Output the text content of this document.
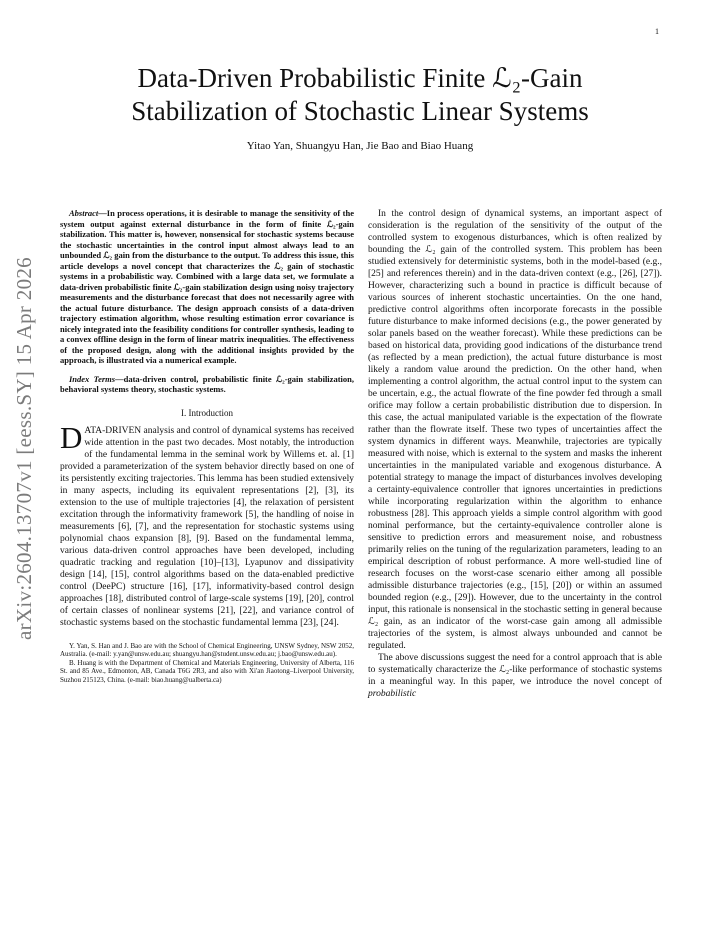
1
arXiv:2604.13707v1 [eess.SY] 15 Apr 2026
Data-Driven Probabilistic Finite ℒ₂-Gain
Stabilization of Stochastic Linear Systems
Yitao Yan, Shuangyu Han, Jie Bao and Biao Huang

Abstract—In process operations, it is desirable to manage the sensitivity of the system output against external disturbance in the form of finite ℒ₂-gain stabilization. This matter is, however, nonsensical for stochastic systems because the stochastic uncertainties in the control input almost always lead to an unbounded ℒ₂ gain from the disturbance to the output. To address this issue, this article develops a novel concept that characterizes the ℒ₂ gain of stochastic systems in a probabilistic way. Combined with a large data set, we formulate a data-driven probabilistic finite ℒ₂-gain stabilization design using noisy trajectory measurements and the disturbance forecast that does not necessarily agree with the actual future disturbance. The design approach consists of a data-driven trajectory estimation algorithm, whose resulting estimation error covariance is nicely integrated into the feasibility conditions for controller synthesis, leading to a convex offline design in the form of linear matrix inequalities. The effectiveness of the proposed design, along with the additional insights provided by the approach, is illustrated via a numerical example.

Index Terms—data-driven control, probabilistic finite ℒ₂-gain stabilization, behavioral systems theory, stochastic systems.

I. Introduction

DATA-DRIVEN analysis and control of dynamical systems has received wide attention in the past two decades. Most notably, the introduction of the fundamental lemma in the seminal work by Willems et. al. [1] provided a parameterization of the system behavior directly based on one of its persistently exciting trajectories. This lemma has been studied extensively in many aspects, including its equivalent representations [2], [3], its extension to the use of multiple trajectories [4], the relaxation of persistent excitation through the informativity framework [5], the handling of noise in measurements [6], [7], and the representation for stochastic systems using polynomial chaos expansion [8], [9]. Based on the fundamental lemma, various data-driven control approaches have been developed, including quadratic tracking and regulation [10]–[13], Lyapunov and dissipativity design [14], [15], control algorithms based on the data-enabled predictive control (DeePC) structure [16], [17], informativity-based control design approaches [18], distributed control of large-scale systems [19], [20], control of certain classes of nonlinear systems [21], [22], and variance control of stochastic systems based on the stochastic fundamental lemma [23], [24].

Y. Yan, S. Han and J. Bao are with the School of Chemical Engineering, UNSW Sydney, NSW 2052, Australia. (e-mail: y.yan@unsw.edu.au; shuangyu.han@student.unsw.edu.au; j.bao@unsw.edu.au).

B. Huang is with the Department of Chemical and Materials Engineering, University of Alberta, 116 St. and 85 Ave., Edmonton, AB, Canada T6G 2R3, and also with Xi'an Jiaotong–Liverpool University, Suzhou 215123, China. (e-mail: biao.huang@ualberta.ca)

In the control design of dynamical systems, an important aspect of consideration is the regulation of the sensitivity of the output of the controlled system to exogenous disturbances, which is often realized by bounding the ℒ₂ gain of the controlled system. This problem has been studied extensively for deterministic systems, both in the model-based (e.g., [25] and references therein) and in the data-driven context (e.g., [26], [27]). However, characterizing such a bound in practice is difficult because of various sources of inherent stochastic uncertainties. On the one hand, predictive control algorithms often incorporate forecasts in the possible future disturbance to make informed decisions (e.g., the power generated by solar panels based on the weather forecast). While these predictions can be based on historical data, providing good indications of the disturbance trend (as reflected by a mean prediction), the actual future disturbance is most likely a random value around the prediction. On the other hand, when implementing a control algorithm, the actual control input to the system can be uncertain, e.g., the actual flowrate of the fine powder fed through a small orifice may follow a certain probabilistic distribution due to dispersion. In this case, the actual manipulated variable is the expectation of the flowrate rather than the flowrate itself. These two types of uncertainties affect the system dynamics in different ways. Meanwhile, trajectories are typically measured with noise, which is external to the system and masks the inherent uncertainties in the manipulated variable and exogenous disturbance. A potential strategy to manage the impact of disturbances involves developing a certainty-equivalence controller that ignores uncertainties in predictions while incorporating regularization within the algorithm to enhance robustness [28]. This approach yields a simple control algorithm with good nominal performance, but the certainty-equivalence controller alone is sensitive to prediction errors and measurement noise, and robustness primarily relies on the tuning of the regularization parameters, leading to an empirical description of robust performance. A more well-studied line of research focuses on the worst-case scenario either among all possible admissible disturbance trajectories (e.g., [15], [20]) or within an assumed bounded region (e.g., [29]). However, due to the uncertainty in the control input, this rationale is nonsensical in the stochastic setting in general because ℒ₂ gain, as an indicator of the worst-case gain among all admissible trajectories of the system, is almost always unbounded and cannot be regulated.

The above discussions suggest the need for a control approach that is able to systematically characterize the ℒ₂-like performance of stochastic systems in a meaningful way. In this paper, we introduce the novel concept of probabilistic
